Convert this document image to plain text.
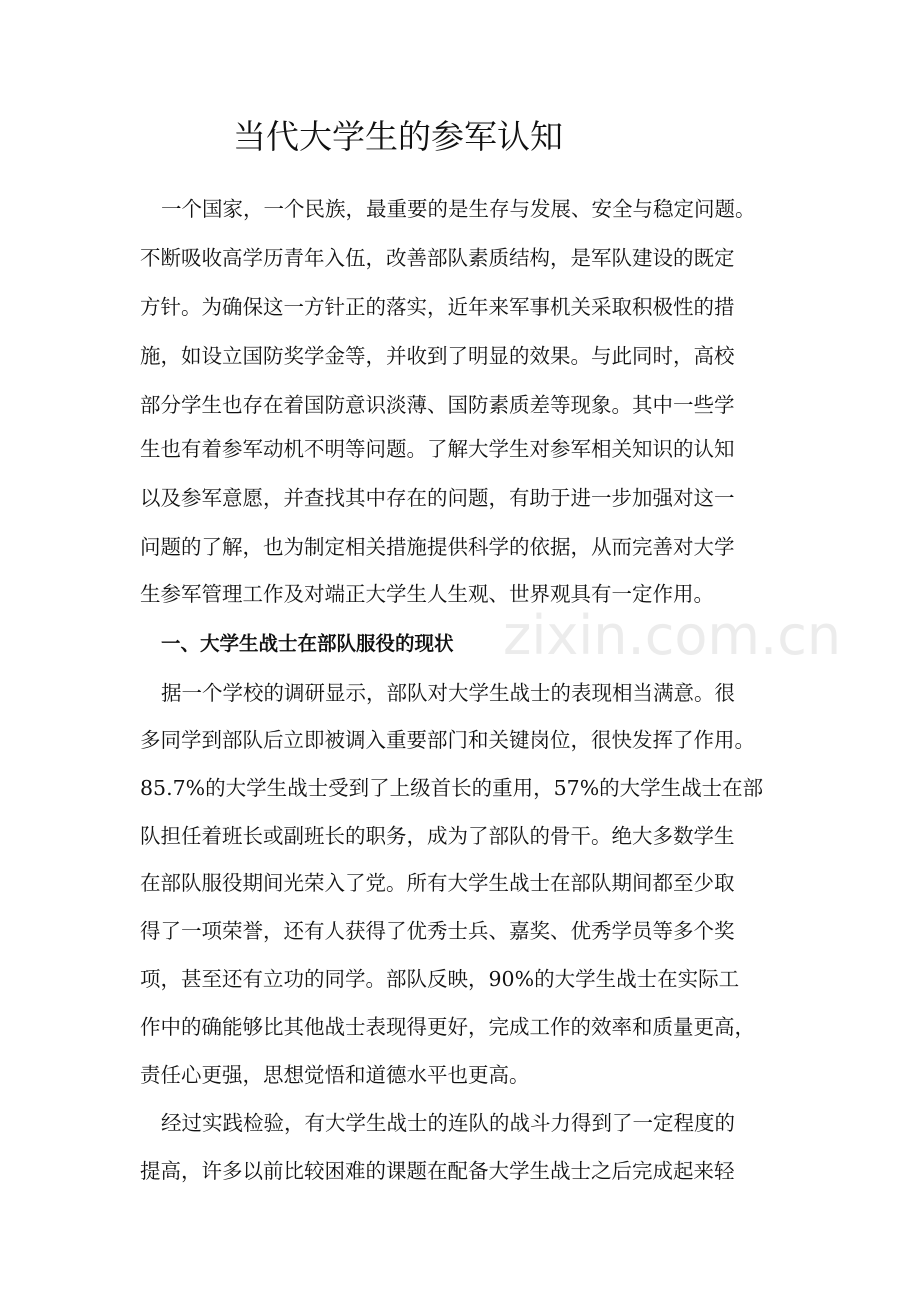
zixin.com.cn
当代大学生的参军认知
一个国家，一个民族，最重要的是生存与发展、安全与稳定问题。
不断吸收高学历青年入伍，改善部队素质结构，是军队建设的既定
方针。为确保这一方针正的落实，近年来军事机关采取积极性的措
施，如设立国防奖学金等，并收到了明显的效果。与此同时，高校
部分学生也存在着国防意识淡薄、国防素质差等现象。其中一些学
生也有着参军动机不明等问题。了解大学生对参军相关知识的认知
以及参军意愿，并查找其中存在的问题，有助于进一步加强对这一
问题的了解，也为制定相关措施提供科学的依据，从而完善对大学
生参军管理工作及对端正大学生人生观、世界观具有一定作用。
一、大学生战士在部队服役的现状
据一个学校的调研显示，部队对大学生战士的表现相当满意。很
多同学到部队后立即被调入重要部门和关键岗位，很快发挥了作用。
85.7%的大学生战士受到了上级首长的重用，57%的大学生战士在部
队担任着班长或副班长的职务，成为了部队的骨干。绝大多数学生
在部队服役期间光荣入了党。所有大学生战士在部队期间都至少取
得了一项荣誉，还有人获得了优秀士兵、嘉奖、优秀学员等多个奖
项，甚至还有立功的同学。部队反映，90%的大学生战士在实际工
作中的确能够比其他战士表现得更好，完成工作的效率和质量更高，
责任心更强，思想觉悟和道德水平也更高。
经过实践检验，有大学生战士的连队的战斗力得到了一定程度的
提高，许多以前比较困难的课题在配备大学生战士之后完成起来轻
